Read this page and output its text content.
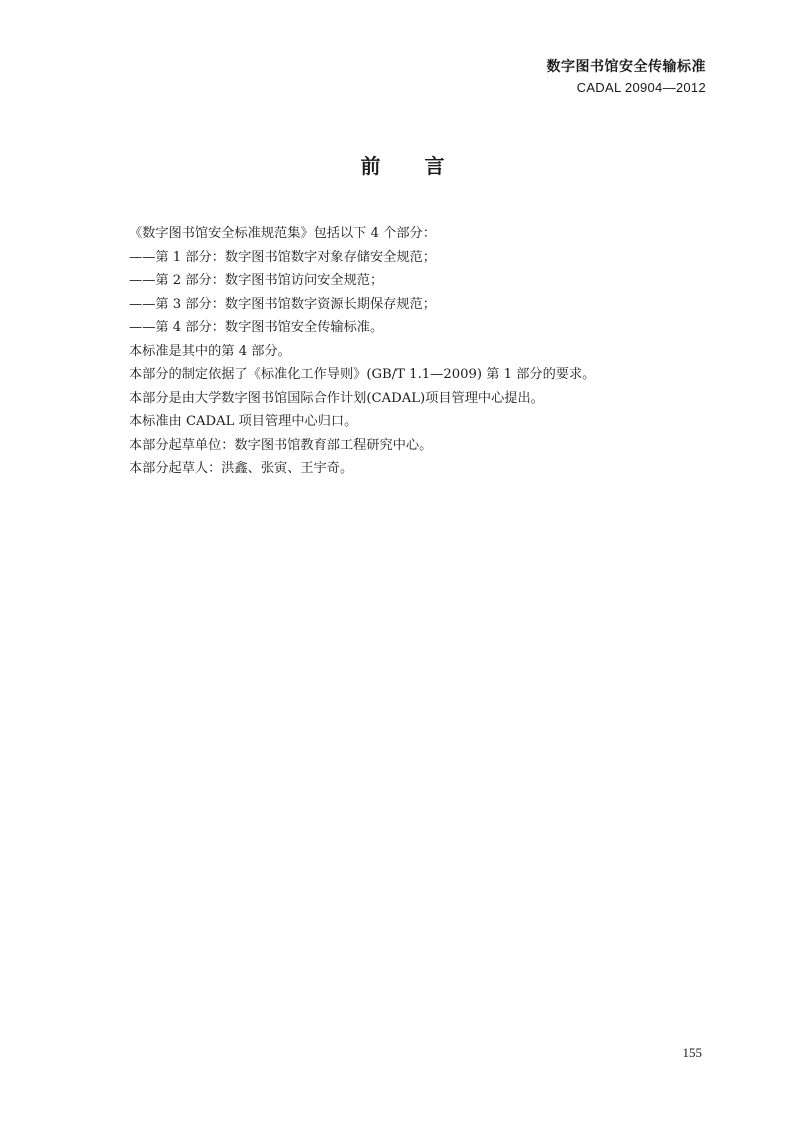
数字图书馆安全传输标准
CADAL 20904—2012
前言
《数字图书馆安全标准规范集》包括以下 4 个部分：
——第 1 部分：数字图书馆数字对象存储安全规范；
——第 2 部分：数字图书馆访问安全规范；
——第 3 部分：数字图书馆数字资源长期保存规范；
——第 4 部分：数字图书馆安全传输标准。
本标准是其中的第 4 部分。
本部分的制定依据了《标准化工作导则》(GB/T 1.1—2009) 第 1 部分的要求。
本部分是由大学数字图书馆国际合作计划(CADAL)项目管理中心提出。
本标准由 CADAL 项目管理中心归口。
本部分起草单位：数字图书馆教育部工程研究中心。
本部分起草人：洪鑫、张寅、王宇奇。
155
